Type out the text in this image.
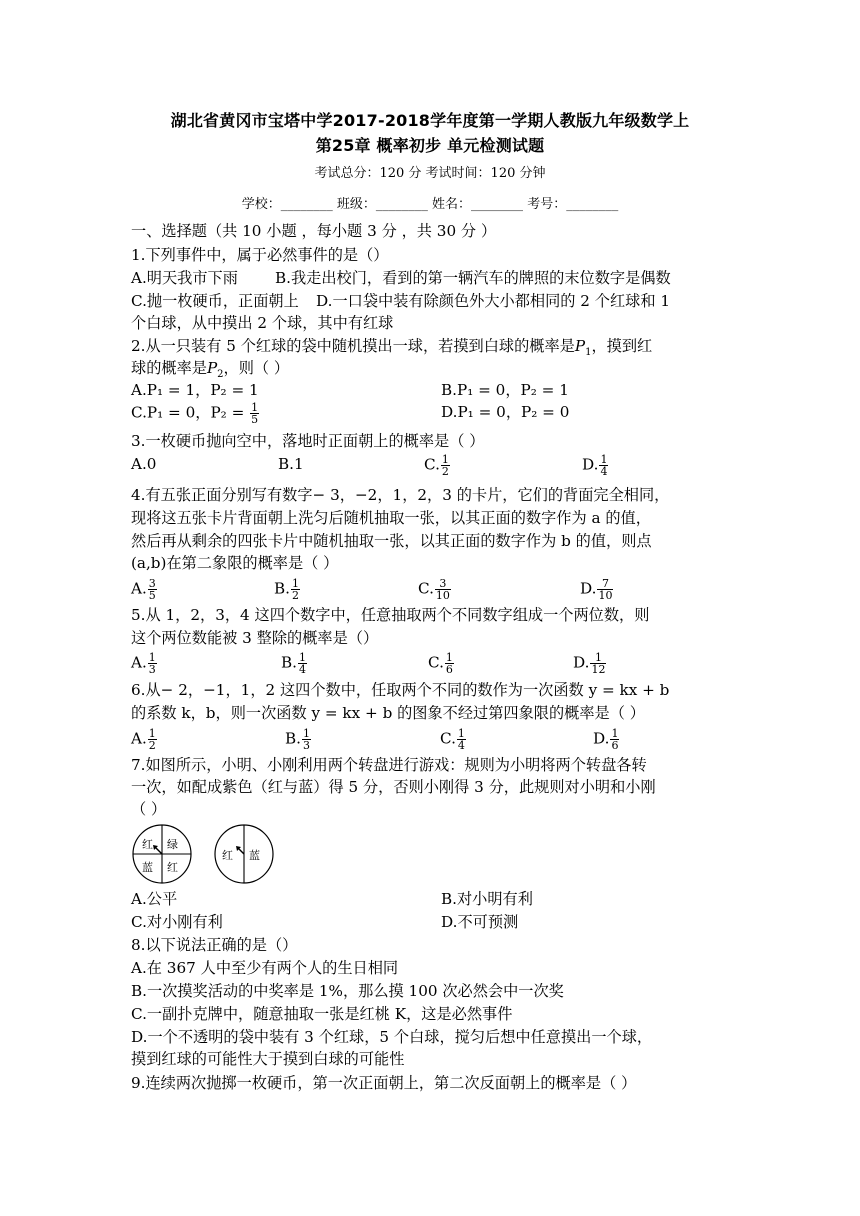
湖北省黄冈市宝塔中学2017-2018学年度第一学期人教版九年级数学上
第25章 概率初步 单元检测试题
考试总分：120 分 考试时间：120 分钟
学校：________ 班级：________ 姓名：________ 考号：________
一、选择题（共 10 小题 ，每小题 3 分 ，共 30 分 ）
1.下列事件中，属于必然事件的是（）
A.明天我市下雨 B.我走出校门，看到的第一辆汽车的牌照的末位数字是偶数
C.抛一枚硬币，正面朝上 D.一口袋中装有除颜色外大小都相同的 2 个红球和 1
个白球，从中摸出 2 个球，其中有红球
2.从一只装有 5 个红球的袋中随机摸出一球，若摸到白球的概率是$P_1$，摸到红
球的概率是$P_2$，则（ ）
A.P₁ = 1，P₂ = 1	B.P₁ = 0，P₂ = 1
C.P₁ = 0，$P_2 = \frac{1}{5}$	D.P₁ = 0，P₂ = 0
3.一枚硬币抛向空中，落地时正面朝上的概率是（ ）
A.0	B.1	C. $\frac{1}{2}$	D. $\frac{1}{4}$
4.有五张正面分别写有数字− 3，−2，1，2，3 的卡片，它们的背面完全相同，
现将这五张卡片背面朝上洗匀后随机抽取一张，以其正面的数字作为 a 的值，
然后再从剩余的四张卡片中随机抽取一张，以其正面的数字作为 b 的值，则点
(a,b)在第二象限的概率是（ ）
A. $\frac{3}{5}$	B. $\frac{1}{2}$	C. $\frac{3}{10}$	D. $\frac{7}{10}$
5.从 1，2，3，4 这四个数字中，任意抽取两个不同数字组成一个两位数，则
这个两位数能被 3 整除的概率是（）
A. $\frac{1}{3}$	B. $\frac{1}{4}$	C. $\frac{1}{6}$	D. $\frac{1}{12}$
6.从− 2，−1，1，2 这四个数中，任取两个不同的数作为一次函数 y = kx + b
的系数 k，b，则一次函数 y = kx + b 的图象不经过第四象限的概率是（ ）
A. $\frac{1}{2}$	B. $\frac{1}{3}$	C. $\frac{1}{4}$	D. $\frac{1}{6}$
7.如图所示，小明、小刚利用两个转盘进行游戏：规则为小明将两个转盘各转
一次，如配成紫色（红与蓝）得 5 分，否则小刚得 3 分，此规则对小明和小刚
（ ）
红 绿
蓝 红
红 蓝
A.公平	B.对小明有利
C.对小刚有利	D.不可预测
8.以下说法正确的是（）
A.在 367 人中至少有两个人的生日相同
B.一次摸奖活动的中奖率是 1%，那么摸 100 次必然会中一次奖
C.一副扑克牌中，随意抽取一张是红桃 K，这是必然事件
D.一个不透明的袋中装有 3 个红球，5 个白球，搅匀后想中任意摸出一个球，
摸到红球的可能性大于摸到白球的可能性
9.连续两次抛掷一枚硬币，第一次正面朝上，第二次反面朝上的概率是（ ）
